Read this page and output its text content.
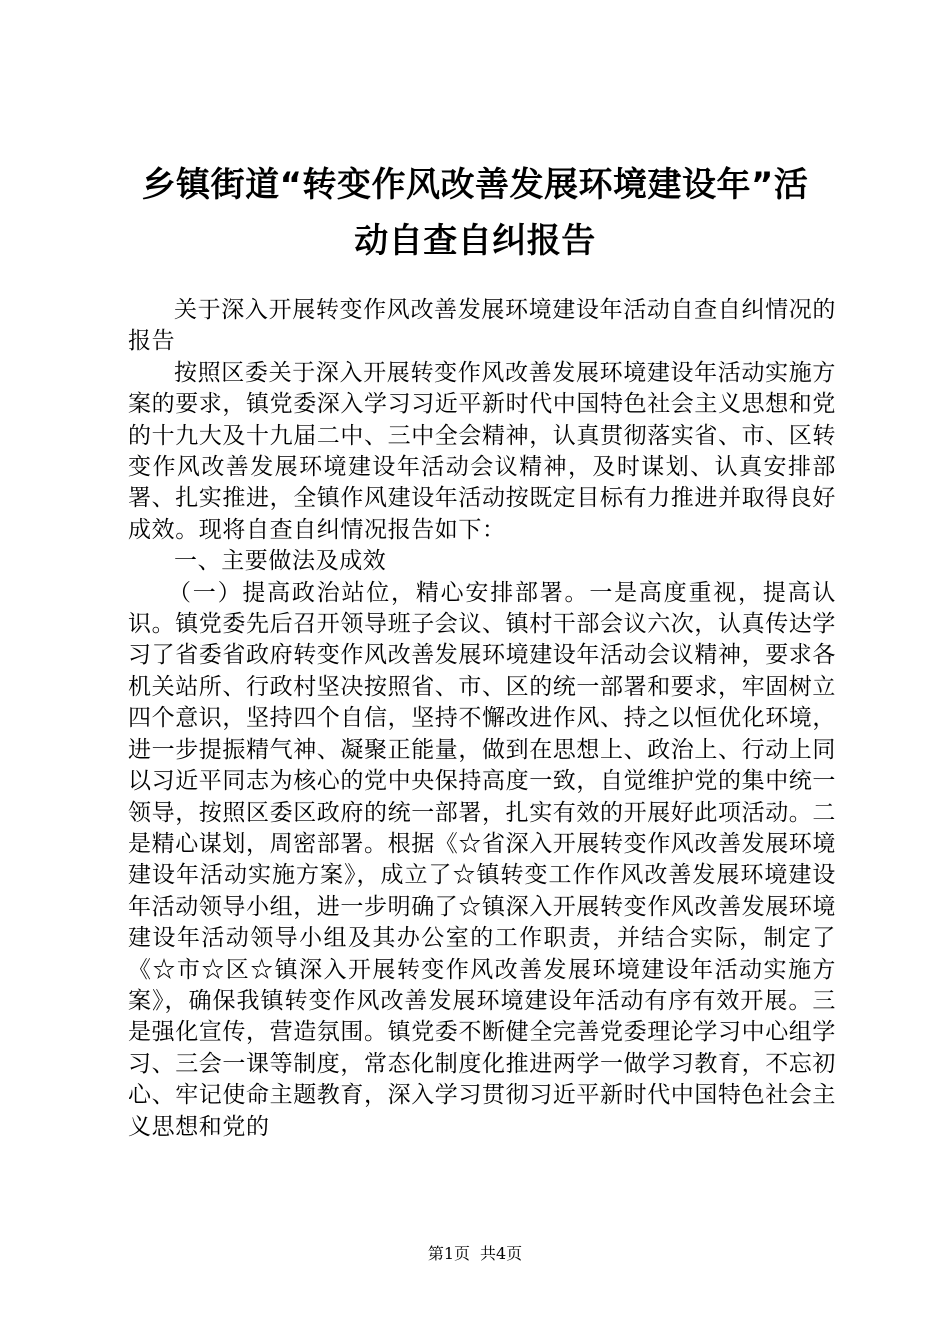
乡镇街道“转变作风改善发展环境建设年”活
动自查自纠报告

关于深入开展转变作风改善发展环境建设年活动自查自纠情况的报告

按照区委关于深入开展转变作风改善发展环境建设年活动实施方案的要求，镇党委深入学习习近平新时代中国特色社会主义思想和党的十九大及十九届二中、三中全会精神，认真贯彻落实省、市、区转变作风改善发展环境建设年活动会议精神，及时谋划、认真安排部署、扎实推进，全镇作风建设年活动按既定目标有力推进并取得良好成效。现将自查自纠情况报告如下：

一、主要做法及成效

（一）提高政治站位，精心安排部署。一是高度重视，提高认识。镇党委先后召开领导班子会议、镇村干部会议六次，认真传达学习了省委省政府转变作风改善发展环境建设年活动会议精神，要求各机关站所、行政村坚决按照省、市、区的统一部署和要求，牢固树立四个意识，坚持四个自信，坚持不懈改进作风、持之以恒优化环境，进一步提振精气神、凝聚正能量，做到在思想上、政治上、行动上同以习近平同志为核心的党中央保持高度一致，自觉维护党的集中统一领导，按照区委区政府的统一部署，扎实有效的开展好此项活动。二是精心谋划，周密部署。根据《☆省深入开展转变作风改善发展环境建设年活动实施方案》，成立了☆镇转变工作作风改善发展环境建设年活动领导小组，进一步明确了☆镇深入开展转变作风改善发展环境建设年活动领导小组及其办公室的工作职责，并结合实际，制定了《☆市☆区☆镇深入开展转变作风改善发展环境建设年活动实施方案》，确保我镇转变作风改善发展环境建设年活动有序有效开展。三是强化宣传，营造氛围。镇党委不断健全完善党委理论学习中心组学习、三会一课等制度，常态化制度化推进两学一做学习教育，不忘初心、牢记使命主题教育，深入学习贯彻习近平新时代中国特色社会主义思想和党的

第1页 共4页
